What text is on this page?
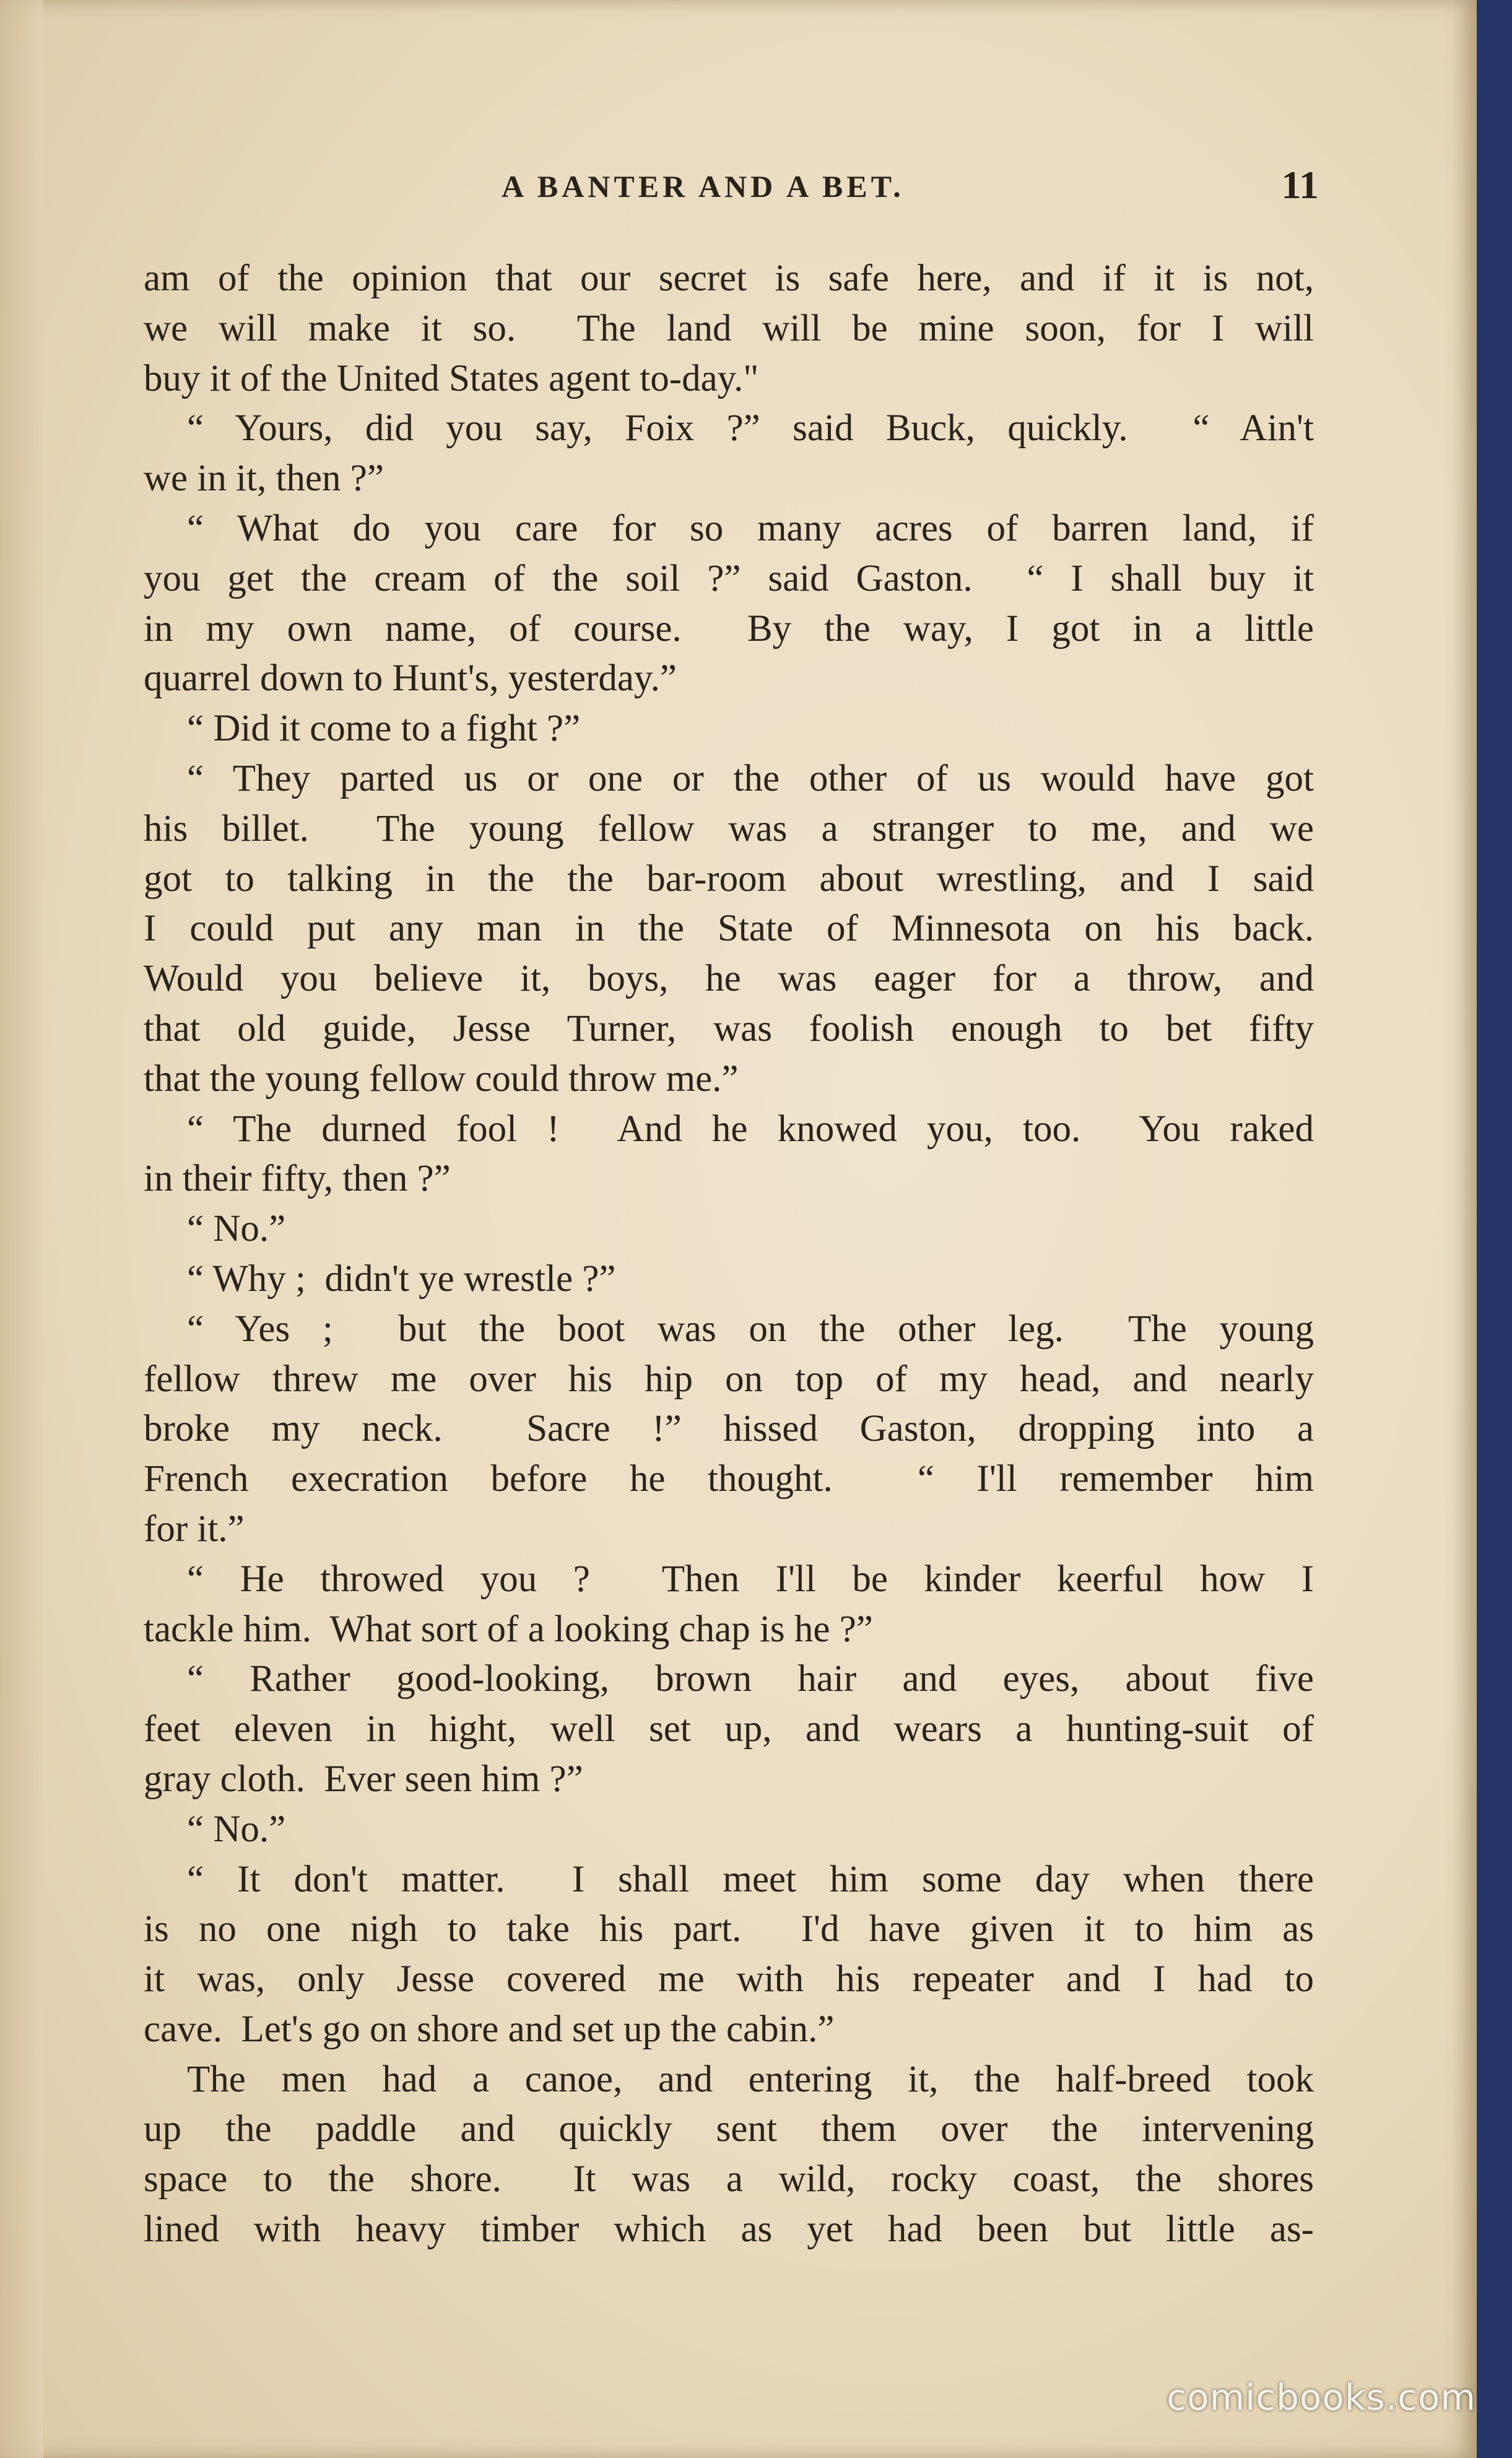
A BANTER AND A BET.	11
am of the opinion that our secret is safe here, and if it is not,
we will make it so.  The land will be mine soon, for I will
buy it of the United States agent to-day."
“ Yours, did you say, Foix ?” said Buck, quickly.  “ Ain't
we in it, then ?”
“ What do you care for so many acres of barren land, if
you get the cream of the soil ?” said Gaston.  “ I shall buy it
in my own name, of course.  By the way, I got in a little
quarrel down to Hunt's, yesterday.”
“ Did it come to a fight ?”
“ They parted us or one or the other of us would have got
his billet.  The young fellow was a stranger to me, and we
got to talking in the the bar-room about wrestling, and I said
I could put any man in the State of Minnesota on his back.
Would you believe it, boys, he was eager for a throw, and
that old guide, Jesse Turner, was foolish enough to bet fifty
that the young fellow could throw me.”
“ The durned fool !  And he knowed you, too.  You raked
in their fifty, then ?”
“ No.”
“ Why ;  didn't ye wrestle ?”
“ Yes ;  but the boot was on the other leg.  The young
fellow threw me over his hip on top of my head, and nearly
broke my neck.  Sacre !” hissed Gaston, dropping into a
French execration before he thought.  “ I'll remember him
for it.”
“ He throwed you ?  Then I'll be kinder keerful how I
tackle him.  What sort of a looking chap is he ?”
“ Rather good-looking, brown hair and eyes, about five
feet eleven in hight, well set up, and wears a hunting-suit of
gray cloth.  Ever seen him ?”
“ No.”
“ It don't matter.  I shall meet him some day when there
is no one nigh to take his part.  I'd have given it to him as
it was, only Jesse covered me with his repeater and I had to
cave.  Let's go on shore and set up the cabin.”
The men had a canoe, and entering it, the half-breed took
up the paddle and quickly sent them over the intervening
space to the shore.  It was a wild, rocky coast, the shores
lined with heavy timber which as yet had been but little as-
comicbooks.com
